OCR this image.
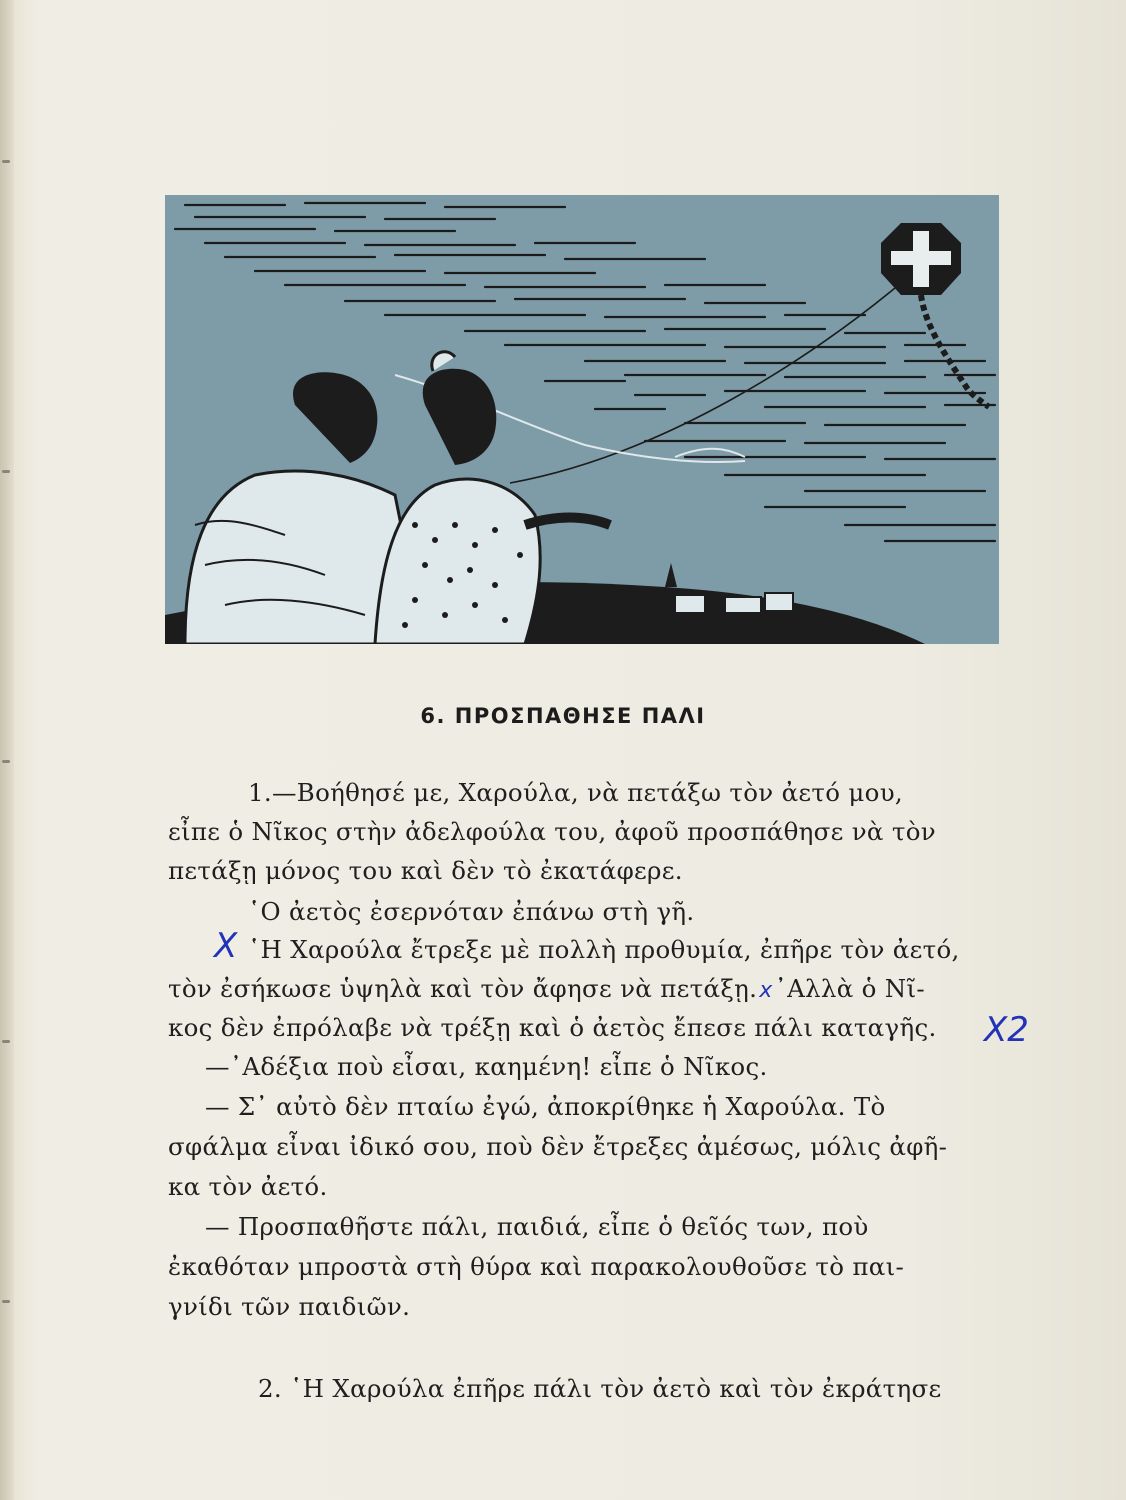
6. ΠΡΟΣΠΑΘΗΣΕ ΠΑΛΙ
1.—Βοήθησέ με, Χαρούλα, νὰ πετάξω τὸν ἀετό μου,
εἶπε ὁ Νῖκος στὴν ἀδελφούλα του, ἀφοῦ προσπάθησε νὰ τὸν
πετάξῃ μόνος του καὶ δὲν τὸ ἐκατάφερε.
῾Ο ἀετὸς ἐσερνόταν ἐπάνω στὴ γῆ.
῾Η Χαρούλα ἔτρεξε μὲ πολλὴ προθυμία, ἐπῆρε τὸν ἀετό,
τὸν ἐσήκωσε ὑψηλὰ καὶ τὸν ἄφησε νὰ πετάξῃ.x᾿Αλλὰ ὁ Νῖ-
κος δὲν ἐπρόλαβε νὰ τρέξῃ καὶ ὁ ἀετὸς ἔπεσε πάλι καταγῆς.
—᾿Αδέξια ποὺ εἶσαι, καημένη! εἶπε ὁ Νῖκος.
— Σ᾿ αὐτὸ δὲν πταίω ἐγώ, ἀποκρίθηκε ἡ Χαρούλα. Τὸ
σφάλμα εἶναι ἰδικό σου, ποὺ δὲν ἔτρεξες ἀμέσως, μόλις ἀφῆ-
κα τὸν ἀετό.
— Προσπαθῆστε πάλι, παιδιά, εἶπε ὁ θεῖός των, ποὺ
ἐκαθόταν μπροστὰ στὴ θύρα καὶ παρακολουθοῦσε τὸ παι-
γνίδι τῶν παιδιῶν.
2. ῾Η Χαρούλα ἐπῆρε πάλι τὸν ἀετὸ καὶ τὸν ἐκράτησε
X
X2
